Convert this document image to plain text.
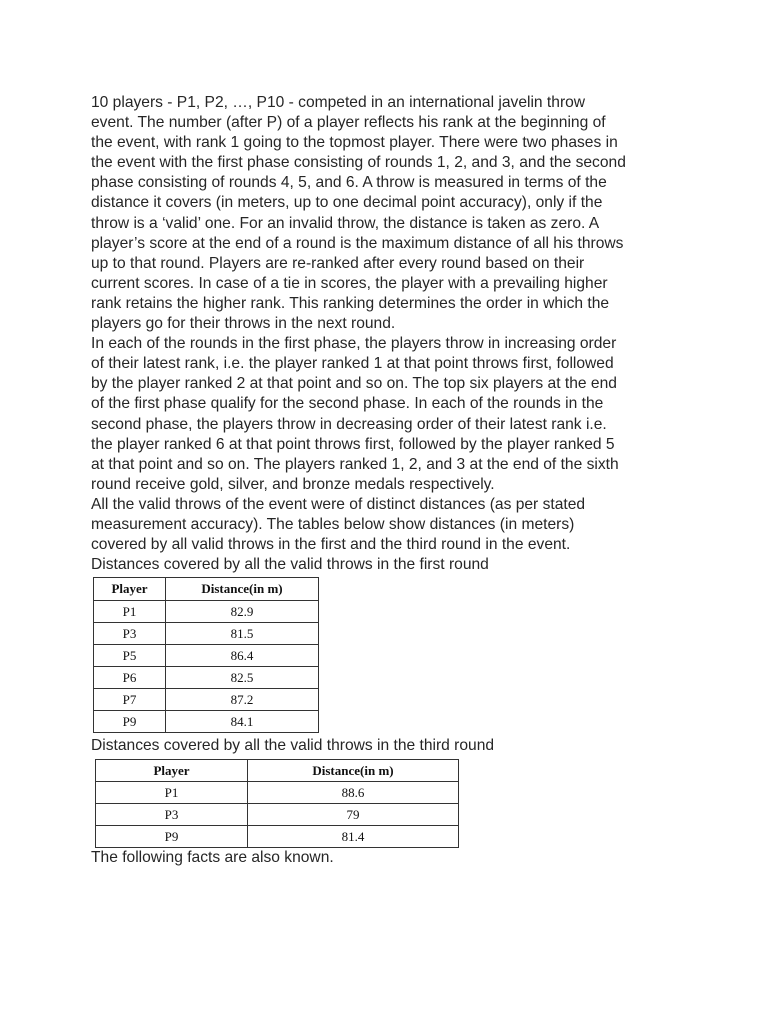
10 players - P1, P2, …, P10 - competed in an international javelin throw
event. The number (after P) of a player reflects his rank at the beginning of
the event, with rank 1 going to the topmost player. There were two phases in
the event with the first phase consisting of rounds 1, 2, and 3, and the second
phase consisting of rounds 4, 5, and 6. A throw is measured in terms of the
distance it covers (in meters, up to one decimal point accuracy), only if the
throw is a ‘valid’ one. For an invalid throw, the distance is taken as zero. A
player’s score at the end of a round is the maximum distance of all his throws
up to that round. Players are re-ranked after every round based on their
current scores. In case of a tie in scores, the player with a prevailing higher
rank retains the higher rank. This ranking determines the order in which the
players go for their throws in the next round.

In each of the rounds in the first phase, the players throw in increasing order
of their latest rank, i.e. the player ranked 1 at that point throws first, followed
by the player ranked 2 at that point and so on. The top six players at the end
of the first phase qualify for the second phase. In each of the rounds in the
second phase, the players throw in decreasing order of their latest rank i.e.
the player ranked 6 at that point throws first, followed by the player ranked 5
at that point and so on. The players ranked 1, 2, and 3 at the end of the sixth
round receive gold, silver, and bronze medals respectively.

All the valid throws of the event were of distinct distances (as per stated
measurement accuracy). The tables below show distances (in meters)
covered by all valid throws in the first and the third round in the event.

Distances covered by all the valid throws in the first round

Player	Distance(in m)
P1	82.9
P3	81.5
P5	86.4
P6	82.5
P7	87.2
P9	84.1

Distances covered by all the valid throws in the third round

Player	Distance(in m)
P1	88.6
P3	79
P9	81.4

The following facts are also known.
